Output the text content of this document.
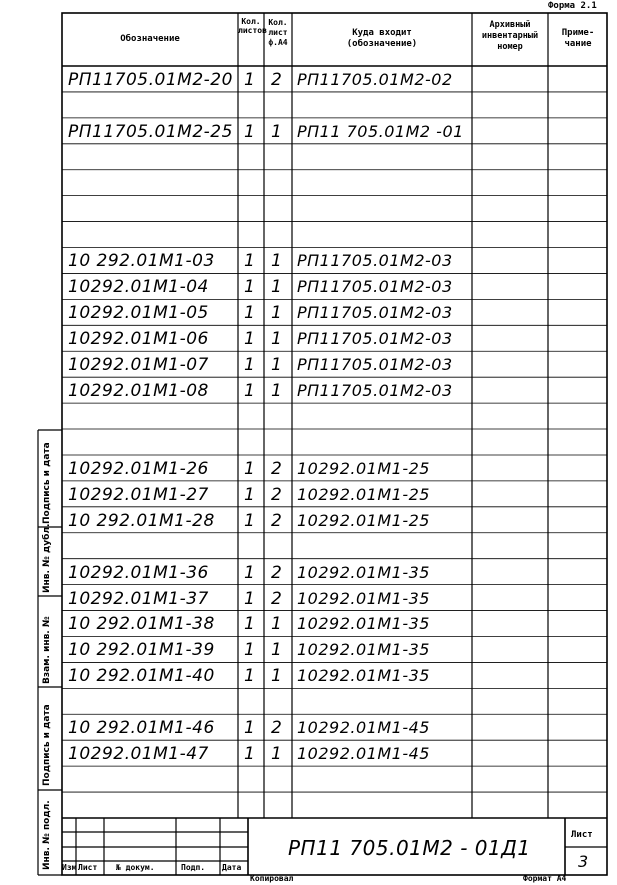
Форма 2.1
Обозначение
Кол. листов
Кол. лист ф.А4
Куда входит (обозначение)
Архивный инвентарный номер
Приме- чание
РП11705.01М2-20 1 2 РП11705.01М2-02
РП11705.01М2-25 1 1 РП11 705.01М2 -01
10 292.01М1-03 1 1 РП11705.01М2-03
10292.01М1-04 1 1 РП11705.01М2-03
10292.01М1-05 1 1 РП11705.01М2-03
10292.01М1-06 1 1 РП11705.01М2-03
10292.01М1-07 1 1 РП11705.01М2-03
10292.01М1-08 1 1 РП11705.01М2-03
10292.01М1-26 1 2 10292.01М1-25
10292.01М1-27 1 2 10292.01М1-25
10 292.01М1-28 1 2 10292.01М1-25
10292.01М1-36 1 2 10292.01М1-35
10292.01М1-37 1 2 10292.01М1-35
10 292.01М1-38 1 1 10292.01М1-35
10 292.01М1-39 1 1 10292.01М1-35
10 292.01М1-40 1 1 10292.01М1-35
10 292.01М1-46 1 2 10292.01М1-45
10292.01М1-47 1 1 10292.01М1-45
Подпись и дата
Инв. № дубл.
Взам. инв. №
Подпись и дата
Инв. № подл. Изм Лист № докум.	Подп. Дата
РП11 705.01М2 - 01Д1
Лист
3
Копировал	Формат А4
